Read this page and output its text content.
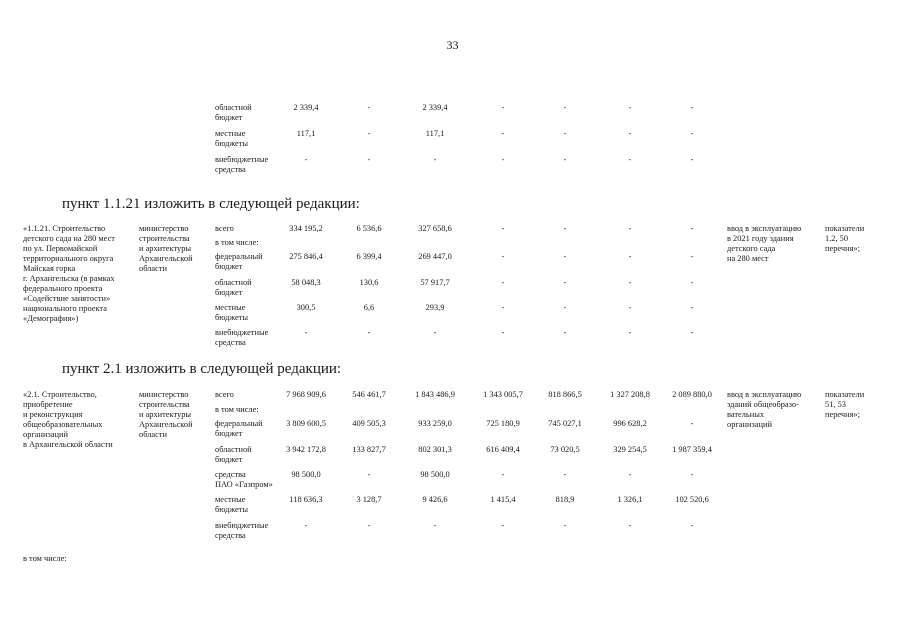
33
областной
бюджет
2 339,4	-	2 339,4	-	-	-	-
местные
бюджеты
117,1	-	117,1	-	-	-	-
внебюджетные
средства
-	-	-	-	-	-	-
пункт 1.1.21 изложить в следующей редакции:
«1.1.21. Строительство
детского сада на 280 мест
по ул. Первомайской
территориального округа
Майская горка
г. Архангельска (в рамках
федерального проекта
«Содействие занятости»
национального проекта
«Демография»)
министерство
строительства
и архитектуры
Архангельской
области
всего	334 195,2	6 536,6	327 658,6	-	-	-	-
в том числе:
федеральный
бюджет
275 846,4	6 399,4	269 447,0	-	-	-	-
областной
бюджет
58 048,3	130,6	57 917,7	-	-	-	-
местные
бюджеты
300,5	6,6	293,9	-	-	-	-
внебюджетные
средства
-	-	-	-	-	-	-
ввод в эксплуатацию
в 2021 году здания
детского сада
на 280 мест
показатели
1.2, 50
перечня»;
пункт 2.1 изложить в следующей редакции:
«2.1. Строительство,
приобретение
и реконструкция
общеобразовательных
организаций
в Архангельской области
министерство
строительства
и архитектуры
Архангельской
области
всего	7 968 909,6	546 461,7	1 843 486,9	1 343 005,7	818 866,5	1 327 208,8	2 089 880,0
в том числе:
федеральный
бюджет
3 809 600,5	409 505,3	933 259,0	725 180,9	745 027,1	996 628,2	-
областной
бюджет
3 942 172,8	133 827,7	802 301,3	616 409,4	73 020,5	329 254,5	1 987 359,4
средства
ПАО «Газпром»
98 500,0	-	98 500,0	-	-	-	-
местные
бюджеты
118 636,3	3 128,7	9 426,6	1 415,4	818,9	1 326,1	102 520,6
внебюджетные
средства
-	-	-	-	-	-	-
ввод в эксплуатацию
зданий общеобразо-
вательных
организаций
показатели
51, 53
перечня»;
в том числе:
